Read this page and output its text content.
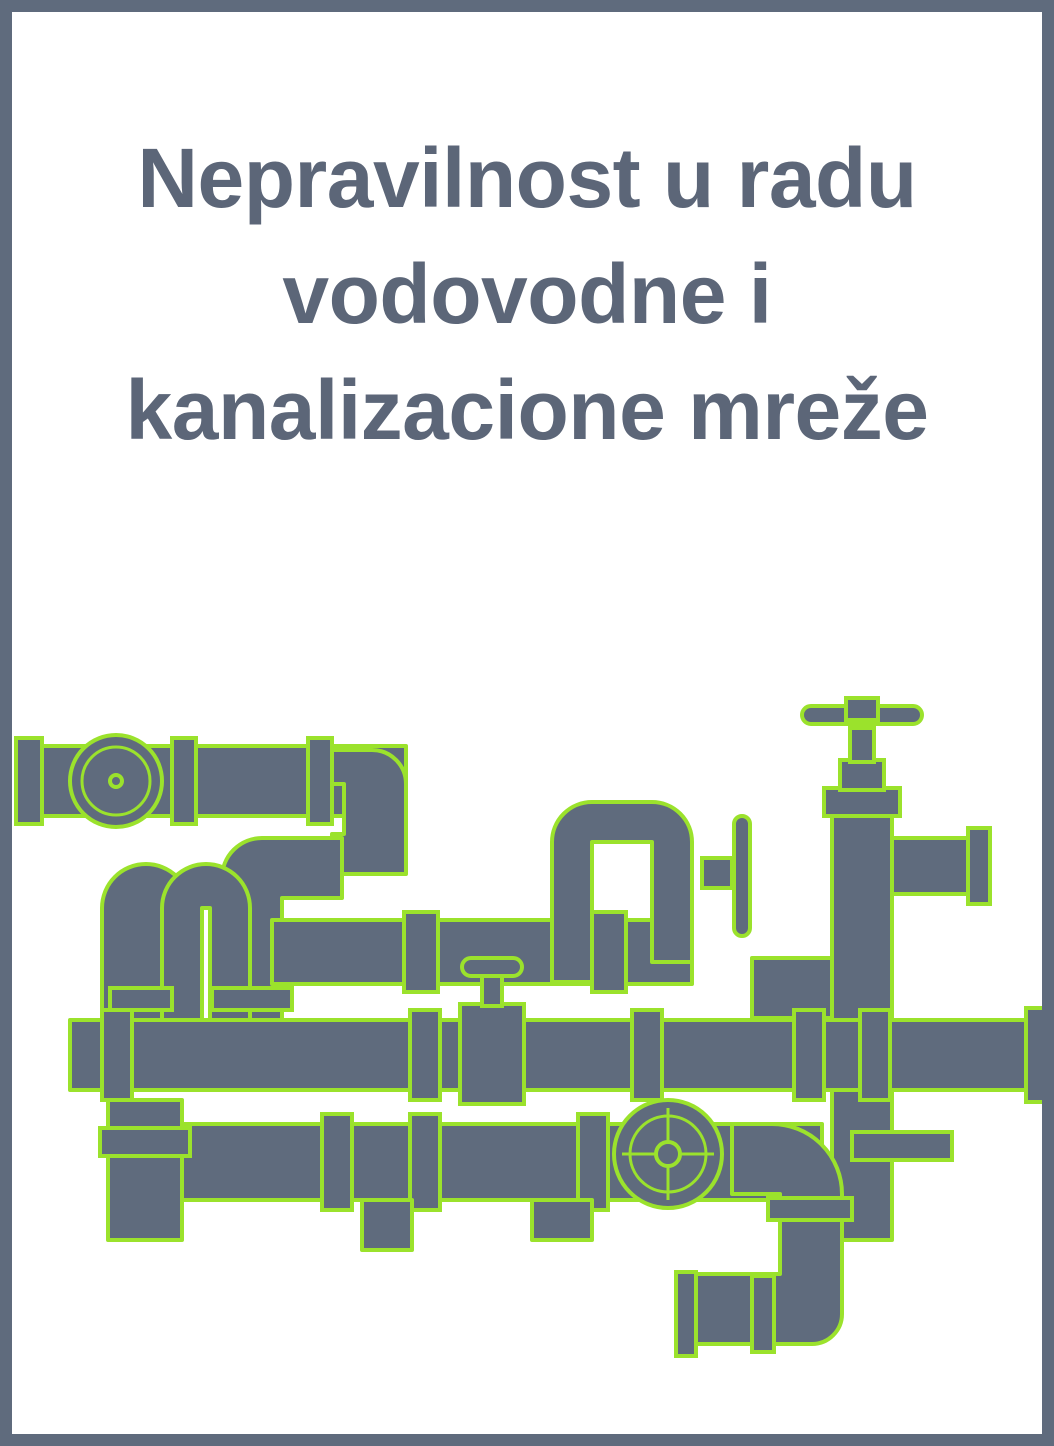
Nepravilnost u radu
vodovodne i
kanalizacione mreže
